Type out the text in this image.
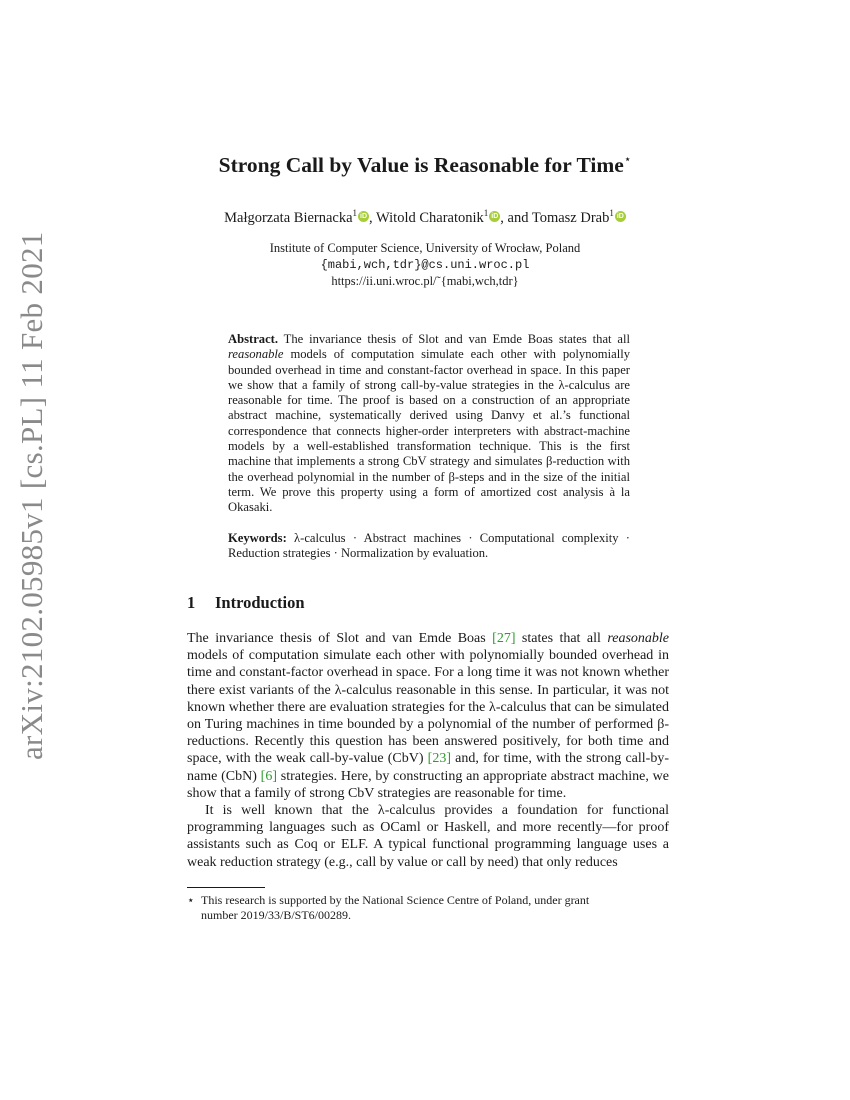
arXiv:2102.05985v1 [cs.PL] 11 Feb 2021
Strong Call by Value is Reasonable for Time⋆
Małgorzata Biernacka$^1$ iD , Witold Charatonik$^1$ iD , and Tomasz Drab$^1$ iD
Institute of Computer Science, University of Wrocław, Poland
{mabi,wch,tdr}@cs.uni.wroc.pl
https://ii.uni.wroc.pl/˜{mabi,wch,tdr}
Abstract. The invariance thesis of Slot and van Emde Boas states that all reasonable models of computation simulate each other with polynomially bounded overhead in time and constant-factor overhead in space. In this paper we show that a family of strong call-by-value strategies in the λ-calculus are reasonable for time. The proof is based on a construction of an appropriate abstract machine, systematically derived using Danvy et al.’s functional correspondence that connects higher-order interpreters with abstract-machine models by a well-established transformation technique. This is the first machine that implements a strong CbV strategy and simulates β-reduction with the overhead polynomial in the number of β-steps and in the size of the initial term. We prove this property using a form of amortized cost analysis à la Okasaki.
Keywords: λ-calculus · Abstract machines · Computational complexity · Reduction strategies · Normalization by evaluation.
1 Introduction
The invariance thesis of Slot and van Emde Boas [27] states that all reasonable models of computation simulate each other with polynomially bounded overhead in time and constant-factor overhead in space. For a long time it was not known whether there exist variants of the λ-calculus reasonable in this sense. In particular, it was not known whether there are evaluation strategies for the λ-calculus that can be simulated on Turing machines in time bounded by a polynomial of the number of performed β-reductions. Recently this question has been answered positively, for both time and space, with the weak call-by-value (CbV) [23] and, for time, with the strong call-by-name (CbN) [6] strategies. Here, by constructing an appropriate abstract machine, we show that a family of strong CbV strategies are reasonable for time.
It is well known that the λ-calculus provides a foundation for functional programming languages such as OCaml or Haskell, and more recently—for proof assistants such as Coq or ELF. A typical functional programming language uses a weak reduction strategy (e.g., call by value or call by need) that only reduces
⋆ This research is supported by the National Science Centre of Poland, under grant
number 2019/33/B/ST6/00289.
